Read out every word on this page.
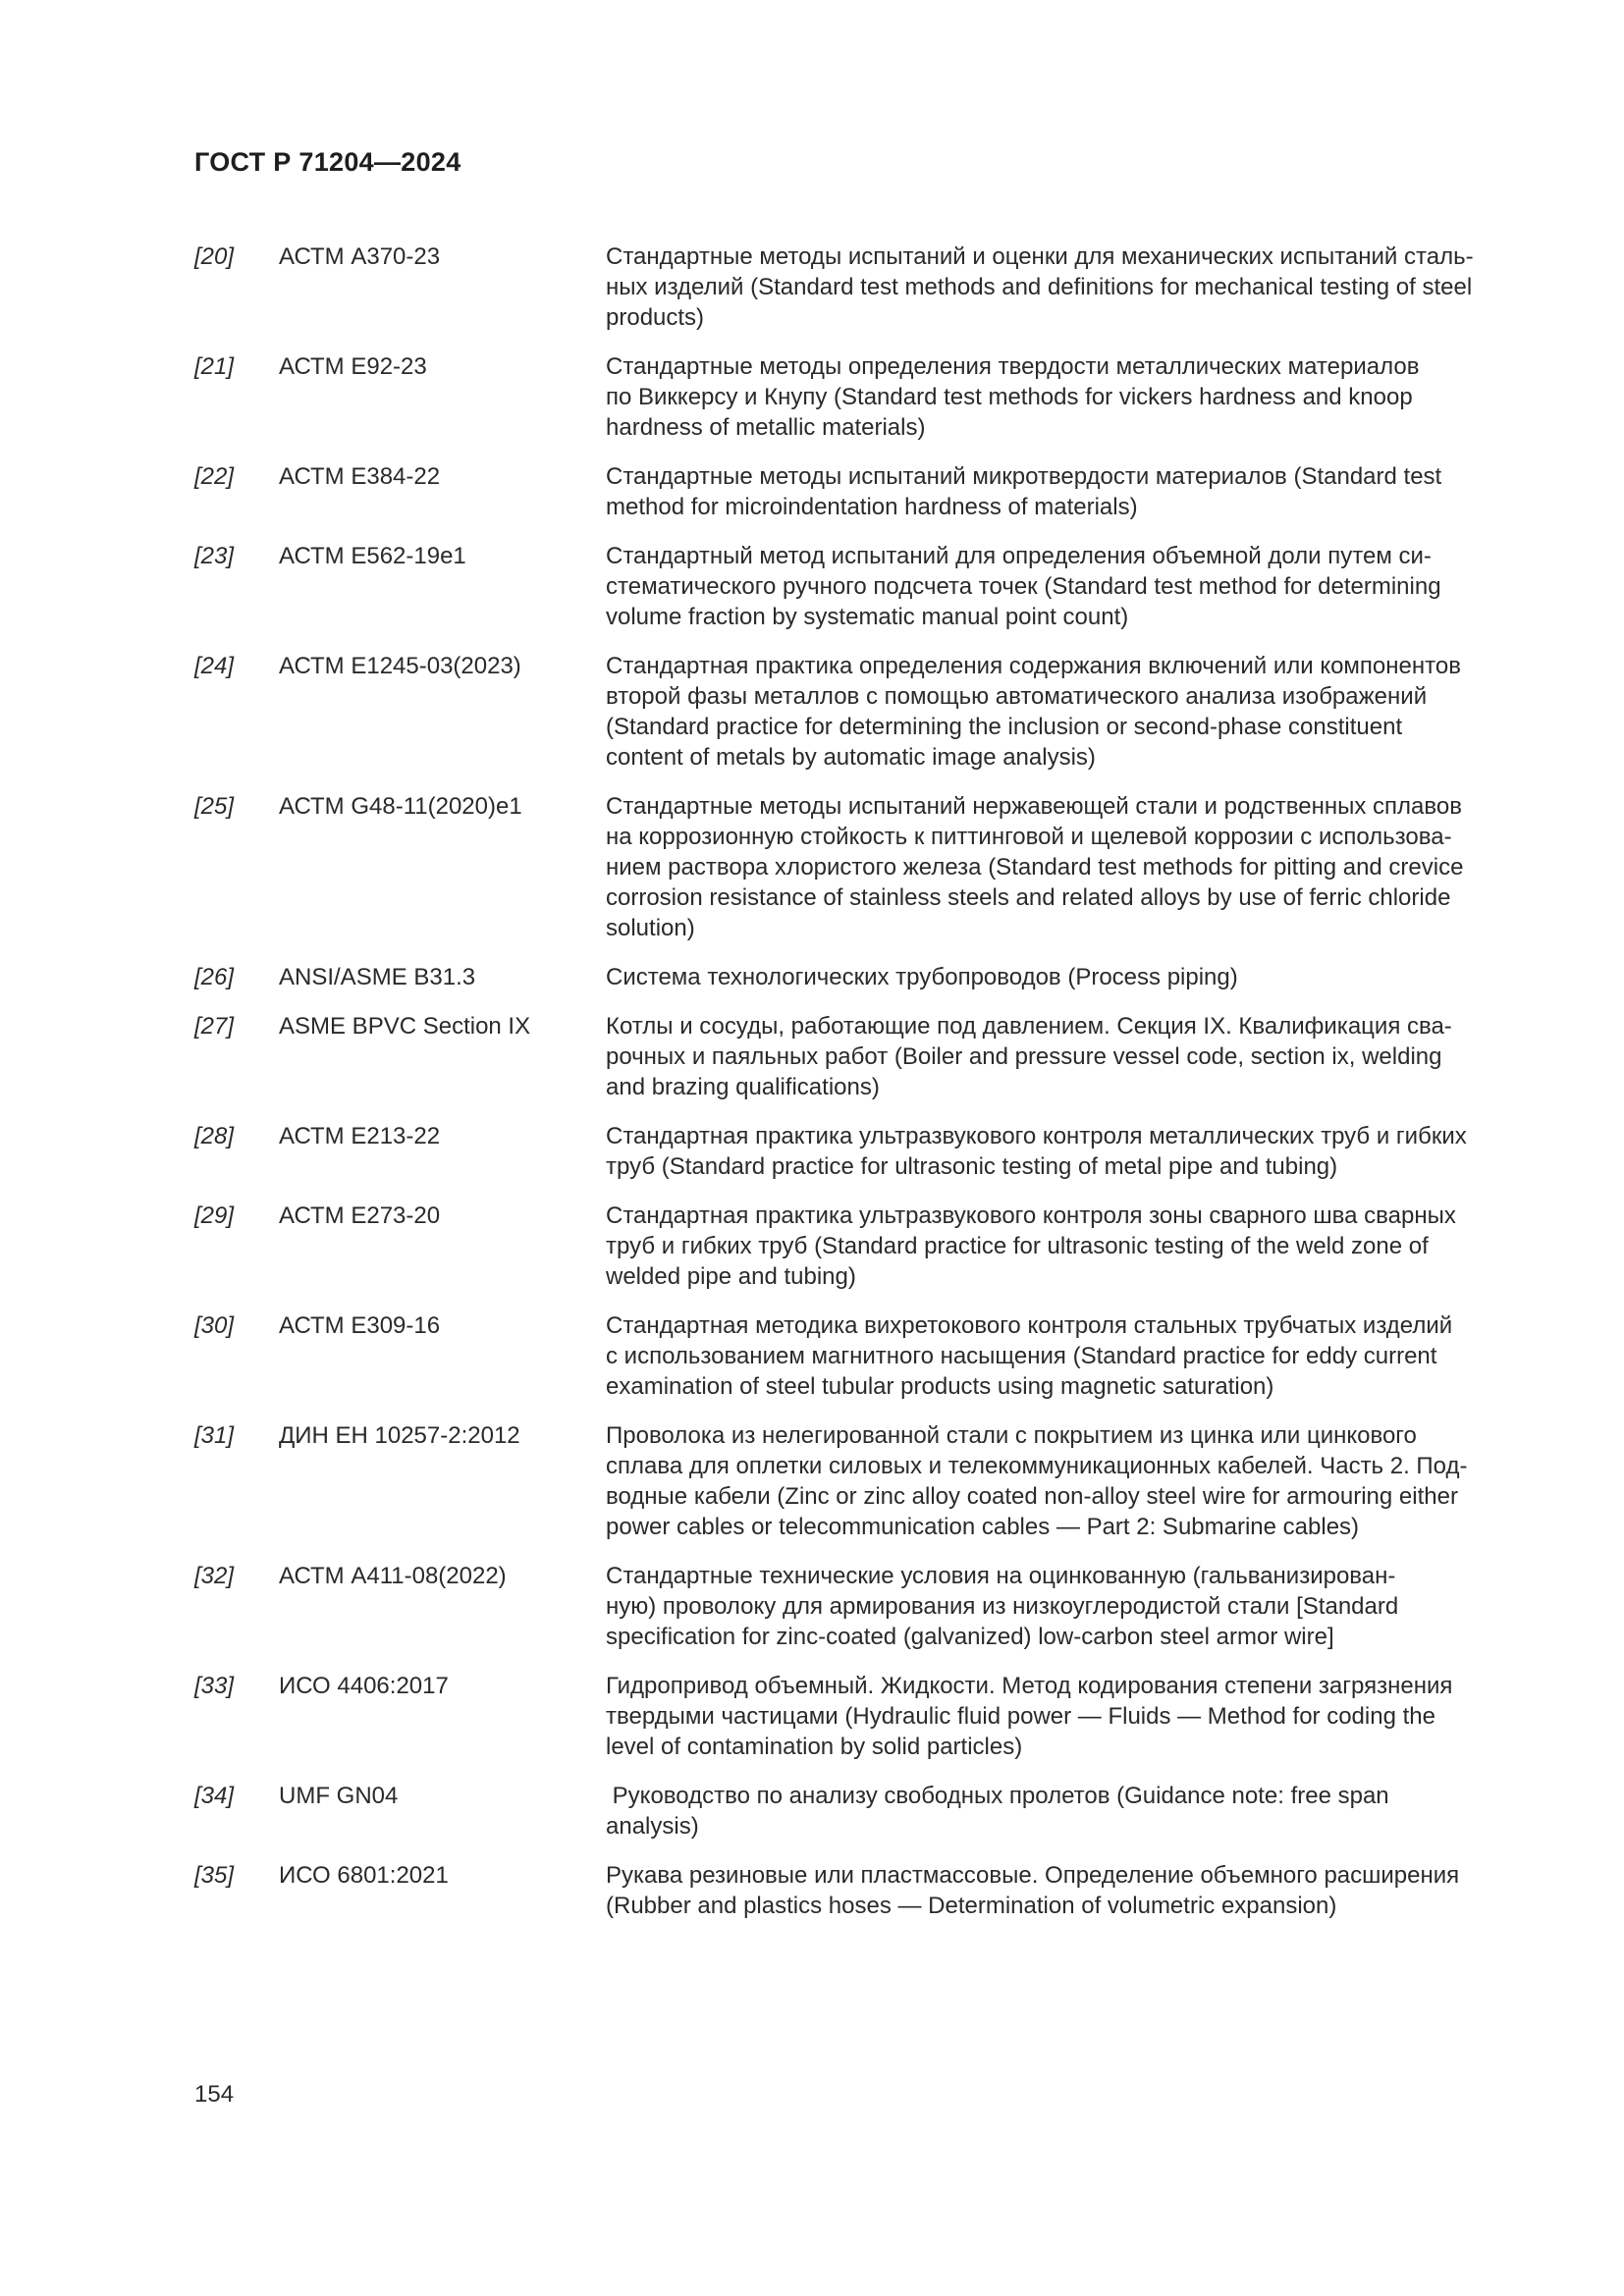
ГОСТ Р 71204—2024
[20]	АСТМ A370-23	Стандартные методы испытаний и оценки для механических испытаний сталь-
ных изделий (Standard test methods and definitions for mechanical testing of steel
products)
[21]	АСТМ E92-23	Стандартные методы определения твердости металлических материалов
по Виккерсу и Кнупу (Standard test methods for vickers hardness and knoop
hardness of metallic materials)
[22]	АСТМ E384-22	Стандартные методы испытаний микротвердости материалов (Standard test
method for microindentation hardness of materials)
[23]	АСТМ E562-19e1	Стандартный метод испытаний для определения объемной доли путем си-
стематического ручного подсчета точек (Standard test method for determining
volume fraction by systematic manual point count)
[24]	АСТМ E1245-03(2023)	Стандартная практика определения содержания включений или компонентов
второй фазы металлов с помощью автоматического анализа изображений
(Standard practice for determining the inclusion or second-phase constituent
content of metals by automatic image analysis)
[25]	АСТМ G48-11(2020)e1	Стандартные методы испытаний нержавеющей стали и родственных сплавов
на коррозионную стойкость к питтинговой и щелевой коррозии с использова-
нием раствора хлористого железа (Standard test methods for pitting and crevice
corrosion resistance of stainless steels and related alloys by use of ferric chloride
solution)
[26]	ANSI/ASME B31.3	Система технологических трубопроводов (Process piping)
[27]	ASME BPVC Section IX	Котлы и сосуды, работающие под давлением. Секция IX. Квалификация сва-
рочных и паяльных работ (Boiler and pressure vessel code, section ix, welding
and brazing qualifications)
[28]	АСТМ E213-22	Стандартная практика ультразвукового контроля металлических труб и гибких
труб (Standard practice for ultrasonic testing of metal pipe and tubing)
[29]	АСТМ E273-20	Стандартная практика ультразвукового контроля зоны сварного шва сварных
труб и гибких труб (Standard practice for ultrasonic testing of the weld zone of
welded pipe and tubing)
[30]	АСТМ E309-16	Стандартная методика вихретокового контроля стальных трубчатых изделий
с использованием магнитного насыщения (Standard practice for eddy current
examination of steel tubular products using magnetic saturation)
[31]	ДИН ЕН 10257-2:2012	Проволока из нелегированной стали с покрытием из цинка или цинкового
сплава для оплетки силовых и телекоммуникационных кабелей. Часть 2. Под-
водные кабели (Zinc or zinc alloy coated non-alloy steel wire for armouring either
power cables or telecommunication cables — Part 2: Submarine cables)
[32]	АСТМ A411-08(2022)	Стандартные технические условия на оцинкованную (гальванизирован-
ную) проволоку для армирования из низкоуглеродистой стали [Standard
specification for zinc-coated (galvanized) low-carbon steel armor wire]
[33]	ИСО 4406:2017	Гидропривод объемный. Жидкости. Метод кодирования степени загрязнения
твердыми частицами (Hydraulic fluid power — Fluids — Method for coding the
level of contamination by solid particles)
[34]	UMF GN04	Руководство по анализу свободных пролетов (Guidance note: free span
analysis)
[35]	ИСО 6801:2021	Рукава резиновые или пластмассовые. Определение объемного расширения
(Rubber and plastics hoses — Determination of volumetric expansion)
154
